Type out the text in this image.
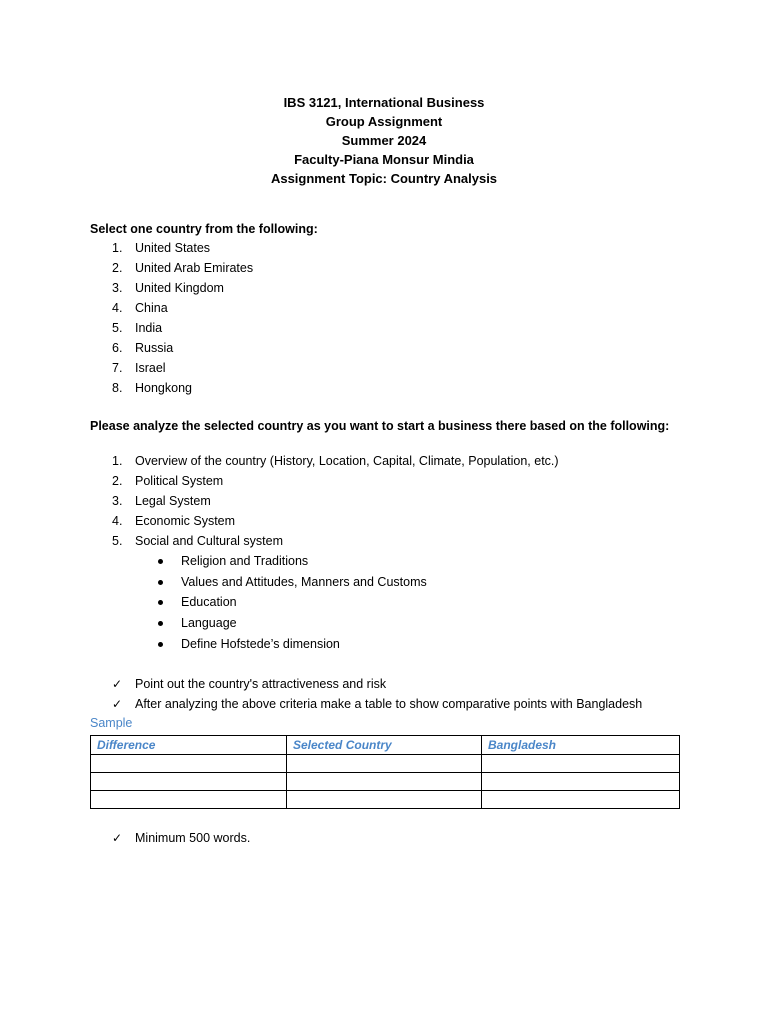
IBS 3121, International Business
Group Assignment
Summer 2024
Faculty-Piana Monsur Mindia
Assignment Topic: Country Analysis
Select one country from the following:
1. United States
2. United Arab Emirates
3. United Kingdom
4. China
5. India
6. Russia
7. Israel
8. Hongkong
Please analyze the selected country as you want to start a business there based on the following:
1. Overview of the country (History, Location, Capital, Climate, Population, etc.)
2. Political System
3. Legal System
4. Economic System
5. Social and Cultural system
Religion and Traditions
Values and Attitudes, Manners and Customs
Education
Language
Define Hofstede’s dimension
✓ Point out the country's attractiveness and risk
✓ After analyzing the above criteria make a table to show comparative points with Bangladesh
Sample
Difference	Selected Country	Bangladesh

✓ Minimum 500 words.
